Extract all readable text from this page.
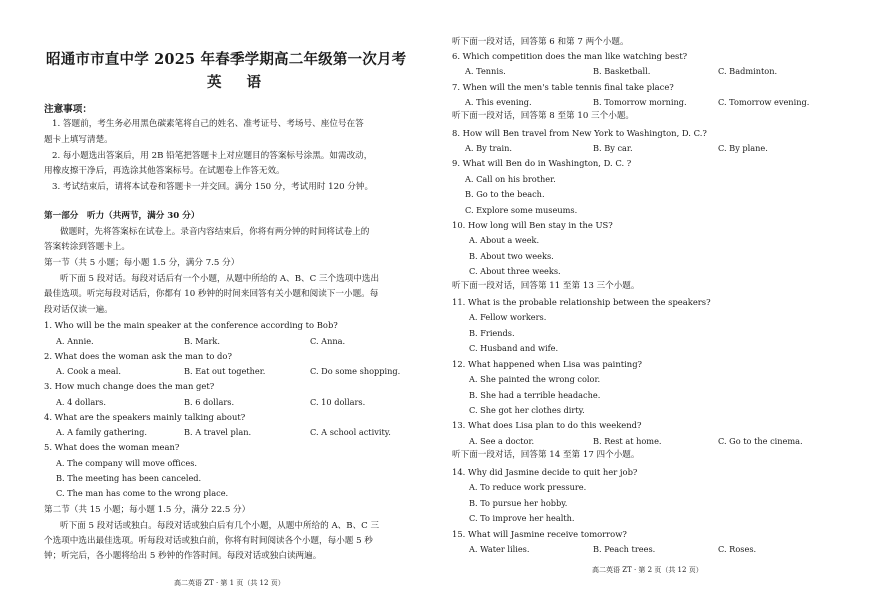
昭通市市直中学 2025 年春季学期高二年级第一次月考
英 语
注意事项：
1. 答题前，考生务必用黑色碳素笔将自己的姓名、准考证号、考场号、座位号在答
题卡上填写清楚。
2. 每小题选出答案后，用 2B 铅笔把答题卡上对应题目的答案标号涂黑。如需改动，
用橡皮擦干净后，再选涂其他答案标号。在试题卷上作答无效。
3. 考试结束后，请将本试卷和答题卡一并交回。满分 150 分，考试用时 120 分钟。
第一部分　听力（共两节，满分 30 分）
做题时，先将答案标在试卷上。录音内容结束后，你将有两分钟的时间将试卷上的
答案转涂到答题卡上。
第一节（共 5 小题；每小题 1.5 分，满分 7.5 分）
听下面 5 段对话。每段对话后有一个小题，从题中所给的 A、B、C 三个选项中选出
最佳选项。听完每段对话后，你都有 10 秒钟的时间来回答有关小题和阅读下一小题。每
段对话仅读一遍。
1. Who will be the main speaker at the conference according to Bob?
A. Annie.	B. Mark.	C. Anna.
2. What does the woman ask the man to do?
A. Cook a meal.	B. Eat out together.	C. Do some shopping.
3. How much change does the man get?
A. 4 dollars.	B. 6 dollars.	C. 10 dollars.
4. What are the speakers mainly talking about?
A. A family gathering.	B. A travel plan.	C. A school activity.
5. What does the woman mean?
A. The company will move offices.
B. The meeting has been canceled.
C. The man has come to the wrong place.
第二节（共 15 小题；每小题 1.5 分，满分 22.5 分）
听下面 5 段对话或独白。每段对话或独白后有几个小题，从题中所给的 A、B、C 三
个选项中选出最佳选项。听每段对话或独白前，你将有时间阅读各个小题，每小题 5 秒
钟；听完后，各小题将给出 5 秒钟的作答时间。每段对话或独白读两遍。
高二英语 ZT · 第 1 页（共 12 页）
听下面一段对话，回答第 6 和第 7 两个小题。
6. Which competition does the man like watching best?
A. Tennis.	B. Basketball.	C. Badminton.
7. When will the men's table tennis final take place?
A. This evening.	B. Tomorrow morning.	C. Tomorrow evening.
听下面一段对话，回答第 8 至第 10 三个小题。
8. How will Ben travel from New York to Washington, D. C.?
A. By train.	B. By car.	C. By plane.
9. What will Ben do in Washington, D. C. ?
A. Call on his brother.
B. Go to the beach.
C. Explore some museums.
10. How long will Ben stay in the US?
A. About a week.
B. About two weeks.
C. About three weeks.
听下面一段对话，回答第 11 至第 13 三个小题。
11. What is the probable relationship between the speakers?
A. Fellow workers.
B. Friends.
C. Husband and wife.
12. What happened when Lisa was painting?
A. She painted the wrong color.
B. She had a terrible headache.
C. She got her clothes dirty.
13. What does Lisa plan to do this weekend?
A. See a doctor.	B. Rest at home.	C. Go to the cinema.
听下面一段对话，回答第 14 至第 17 四个小题。
14. Why did Jasmine decide to quit her job?
A. To reduce work pressure.
B. To pursue her hobby.
C. To improve her health.
15. What will Jasmine receive tomorrow?
A. Water lilies.	B. Peach trees.	C. Roses.
高二英语 ZT · 第 2 页（共 12 页）
